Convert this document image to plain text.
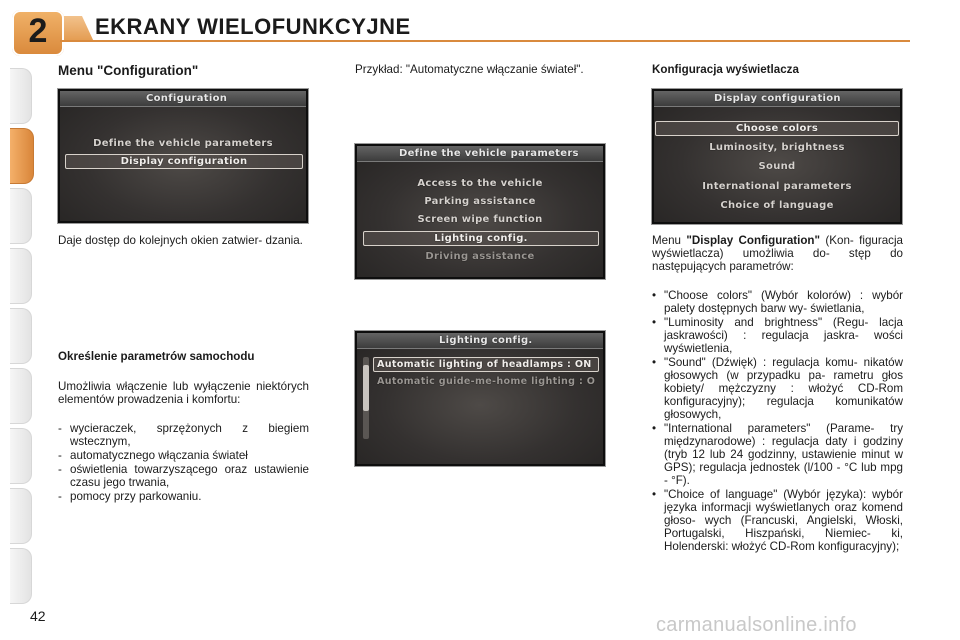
2	EKRANY WIELOFUNKCYJNE
Menu "Configuration"
Configuration
Define the vehicle parameters
Display configuration
Daje dostęp do kolejnych okien zatwier- dzania.
Określenie parametrów samochodu
Umożliwia włączenie lub wyłączenie niektórych elementów prowadzenia i komfortu:
- wycieraczek, sprzężonych z biegiem wstecznym,
- automatycznego włączania świateł
- oświetlenia towarzyszącego oraz ustawienie czasu jego trwania,
- pomocy przy parkowaniu.
Przykład: "Automatyczne włączanie świateł".
Define the vehicle parameters
Access to the vehicle
Parking assistance
Screen wipe function
Lighting config.
Driving assistance
Lighting config.
Automatic lighting of headlamps : ON
Automatic guide-me-home lighting : O
Konfiguracja wyświetlacza
Display configuration
Choose colors
Luminosity, brightness
Sound
International parameters
Choice of language
Menu "Display Configuration" (Kon- figuracja wyświetlacza) umożliwia do- stęp do następujących parametrów:
• "Choose colors" (Wybór kolorów) : wybór palety dostępnych barw wy- świetlania,
• "Luminosity and brightness" (Regu- lacja jaskrawości) : regulacja jaskra- wości wyświetlenia,
• "Sound" (Dźwięk) : regulacja komu- nikatów głosowych (w przypadku pa- rametru głos kobiety/ mężczyzny : włożyć CD-Rom konfiguracyjny); regulacja komunikatów głosowych,
• "International parameters" (Parame- try międzynarodowe) : regulacja daty i godziny (tryb 12 lub 24 godzinny, ustawienie minut w GPS); regulacja jednostek (l/100 - °C lub mpg - °F).
• "Choice of language" (Wybór języka): wybór języka informacji wyświetlanych oraz komend głoso- wych (Francuski, Angielski, Włoski, Portugalski, Hiszpański, Niemiec- ki, Holenderski: włożyć CD-Rom konfiguracyjny);
42	carmanualsonline.info
